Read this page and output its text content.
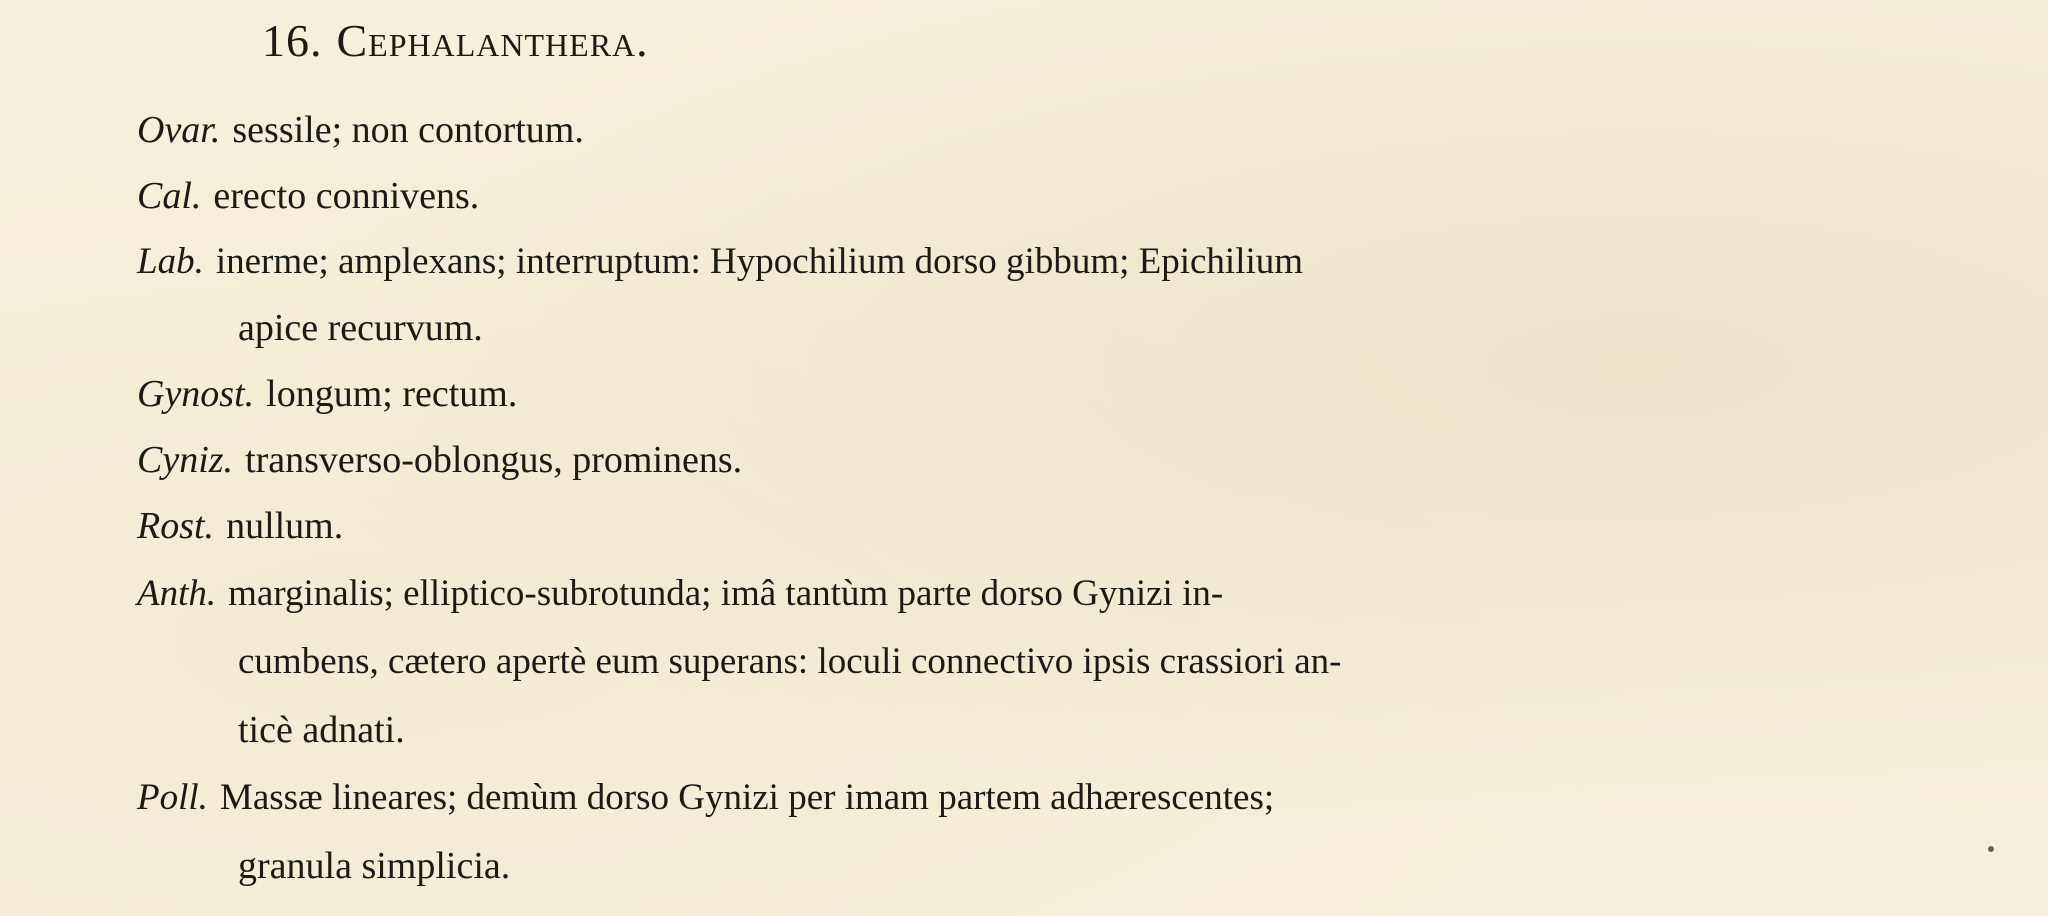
16. Cephalanthera.
Ovar. sessile; non contortum.
Cal. erecto connivens.
Lab. inerme; amplexans; interruptum: Hypochilium dorso gibbum; Epichilium
apice recurvum.
Gynost. longum; rectum.
Cyniz. transverso-oblongus, prominens.
Rost. nullum.
Anth. marginalis; elliptico-subrotunda; imâ tantùm parte dorso Gynizi in-
cumbens, cætero apertè eum superans: loculi connectivo ipsis crassiori an-
ticè adnati.
Poll. Massæ lineares; demùm dorso Gynizi per imam partem adhærescentes;
granula simplicia.
